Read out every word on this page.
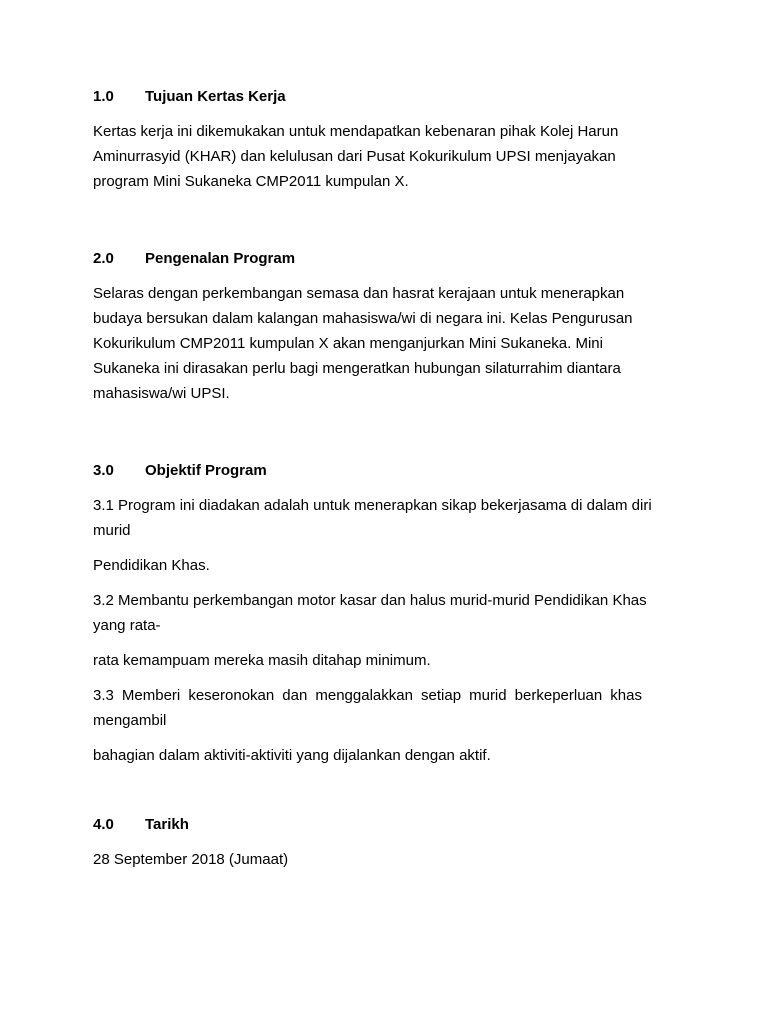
1.0	Tujuan Kertas Kerja
Kertas kerja ini dikemukakan untuk mendapatkan kebenaran pihak Kolej Harun Aminurrasyid (KHAR) dan kelulusan dari Pusat Kokurikulum UPSI menjayakan program Mini Sukaneka CMP2011 kumpulan X.
2.0	Pengenalan Program
Selaras dengan perkembangan semasa dan hasrat kerajaan untuk menerapkan budaya bersukan dalam kalangan mahasiswa/wi di negara ini. Kelas Pengurusan Kokurikulum CMP2011 kumpulan X akan menganjurkan Mini Sukaneka. Mini Sukaneka ini dirasakan perlu bagi mengeratkan hubungan silaturrahim diantara mahasiswa/wi UPSI.
3.0	Objektif Program
3.1 Program ini diadakan adalah untuk menerapkan sikap bekerjasama di dalam diri murid
Pendidikan Khas.
3.2 Membantu perkembangan motor kasar dan halus murid-murid Pendidikan Khas yang rata-
rata kemampuam mereka masih ditahap minimum.
3.3 Memberi keseronokan dan menggalakkan setiap murid berkeperluan khas mengambil
bahagian dalam aktiviti-aktiviti yang dijalankan dengan aktif.
4.0	Tarikh
28 September 2018 (Jumaat)
